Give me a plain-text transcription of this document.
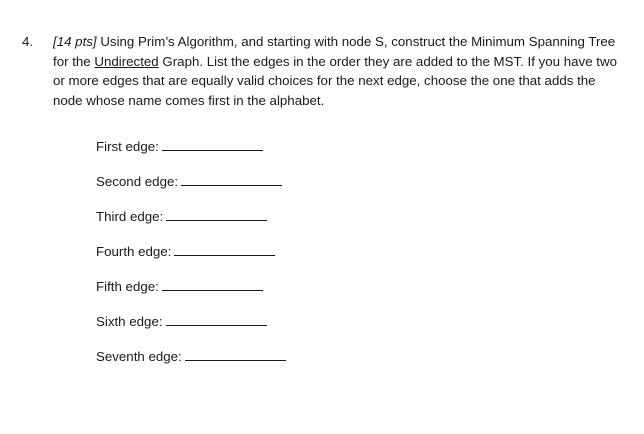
4.	[14 pts] Using Prim’s Algorithm, and starting with node S, construct the Minimum Spanning Tree for the Undirected Graph. List the edges in the order they are added to the MST. If you have two or more edges that are equally valid choices for the next edge, choose the one that adds the node whose name comes first in the alphabet.
First edge:
Second edge:
Third edge:
Fourth edge:
Fifth edge:
Sixth edge:
Seventh edge:
